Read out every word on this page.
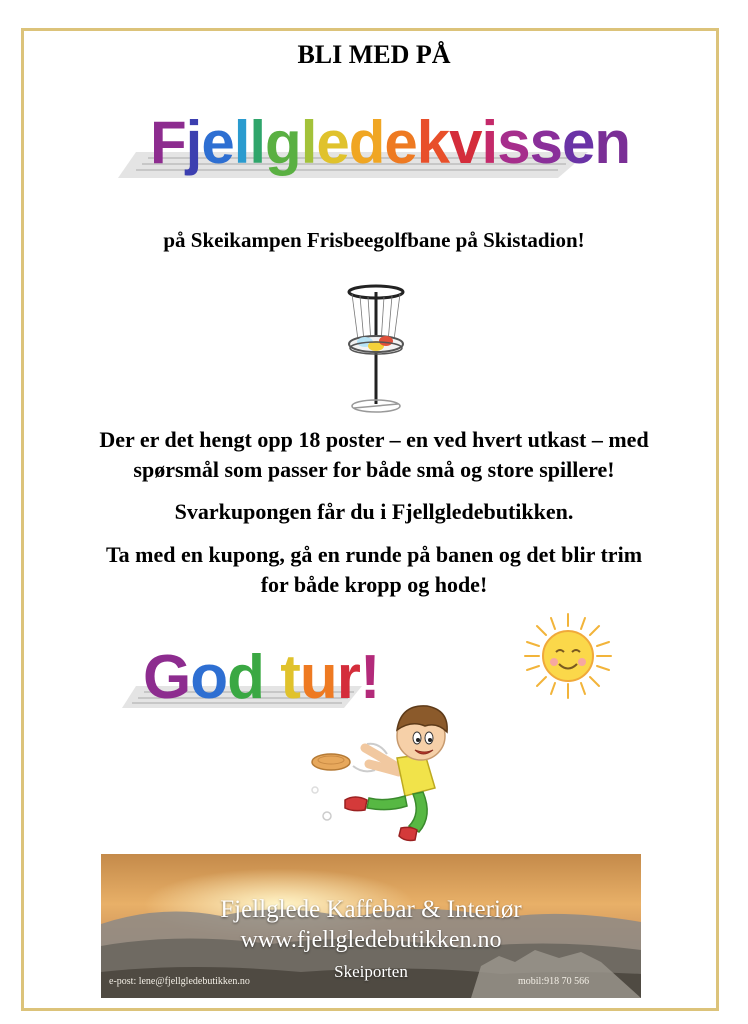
BLI MED PÅ
Fjellgledekvissen
på Skeikampen Frisbeegolfbane på Skistadion!
Der er det hengt opp 18 poster – en ved hvert utkast – med
spørsmål som passer for både små og store spillere!
Svarkupongen får du i Fjellgledebutikken.
Ta med en kupong, gå en runde på banen og det blir trim
for både kropp og hode!
God tur!
Fjellglede Kaffebar & Interiør
www.fjellgledebutikken.no
Skeiporten
e-post: lene@fjellgledebutikken.no	mobil:918 70 566
